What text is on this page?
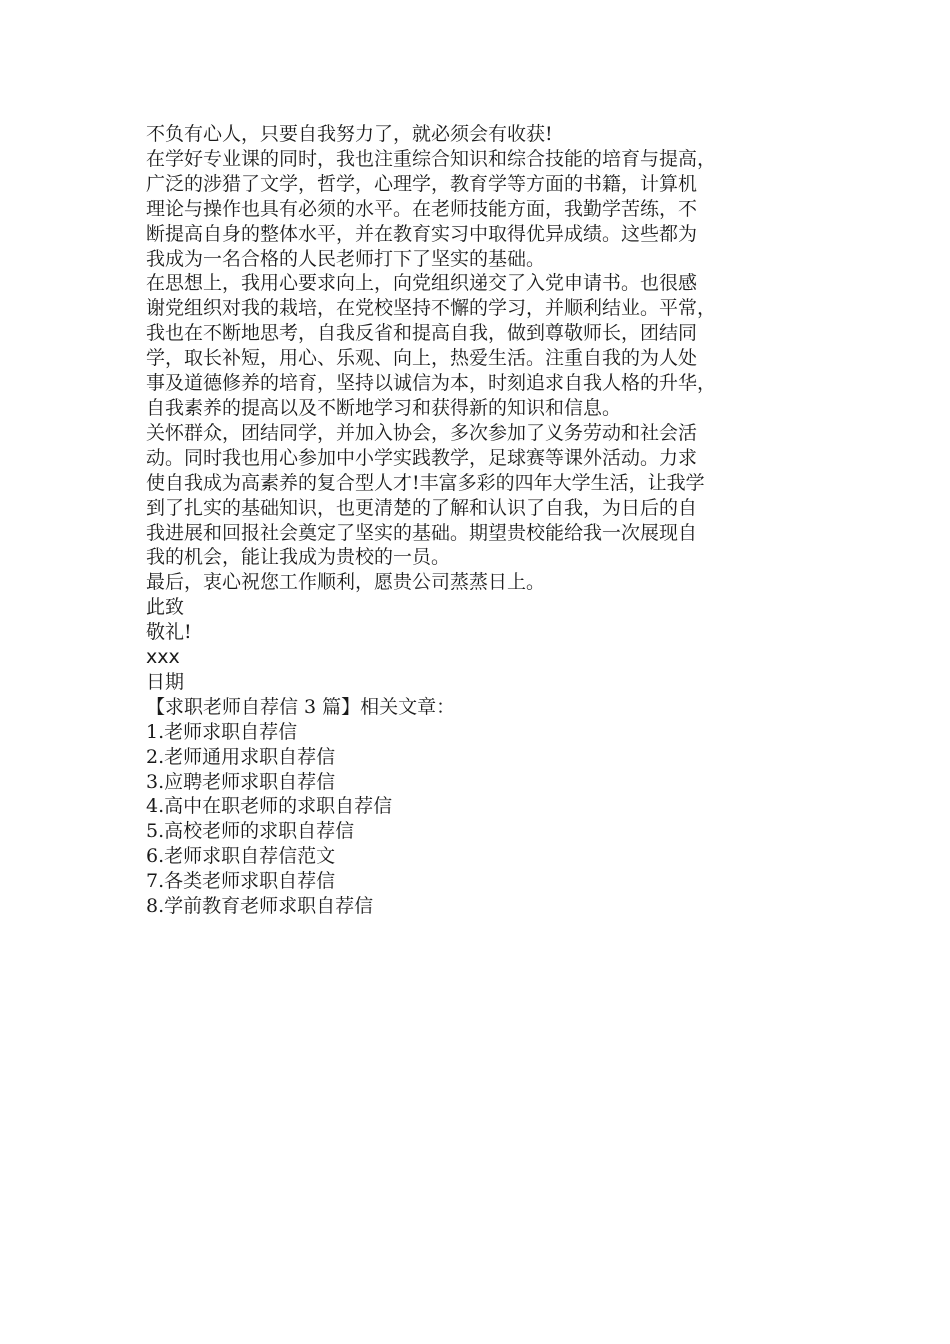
不负有心人，只要自我努力了，就必须会有收获!
在学好专业课的同时，我也注重综合知识和综合技能的培育与提高，
广泛的涉猎了文学，哲学，心理学，教育学等方面的书籍，计算机
理论与操作也具有必须的水平。在老师技能方面，我勤学苦练，不
断提高自身的整体水平，并在教育实习中取得优异成绩。这些都为
我成为一名合格的人民老师打下了坚实的基础。
在思想上，我用心要求向上，向党组织递交了入党申请书。也很感
谢党组织对我的栽培，在党校坚持不懈的学习，并顺利结业。平常，
我也在不断地思考，自我反省和提高自我，做到尊敬师长，团结同
学，取长补短，用心、乐观、向上，热爱生活。注重自我的为人处
事及道德修养的培育，坚持以诚信为本，时刻追求自我人格的升华，
自我素养的提高以及不断地学习和获得新的知识和信息。
关怀群众，团结同学，并加入协会，多次参加了义务劳动和社会活
动。同时我也用心参加中小学实践教学，足球赛等课外活动。力求
使自我成为高素养的复合型人才!丰富多彩的四年大学生活，让我学
到了扎实的基础知识，也更清楚的了解和认识了自我，为日后的自
我进展和回报社会奠定了坚实的基础。期望贵校能给我一次展现自
我的机会，能让我成为贵校的一员。
最后，衷心祝您工作顺利，愿贵公司蒸蒸日上。
此致
敬礼!
xxx
日期
【求职老师自荐信 3 篇】相关文章：
1.老师求职自荐信
2.老师通用求职自荐信
3.应聘老师求职自荐信
4.高中在职老师的求职自荐信
5.高校老师的求职自荐信
6.老师求职自荐信范文
7.各类老师求职自荐信
8.学前教育老师求职自荐信
